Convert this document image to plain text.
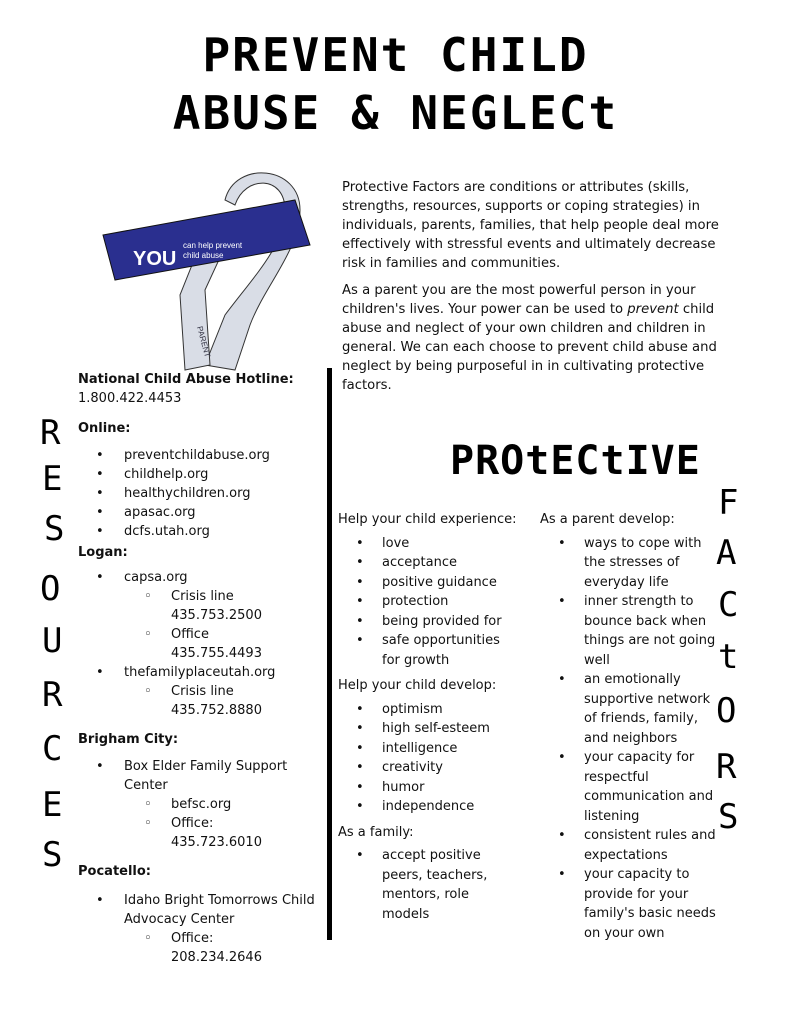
PREVENt CHILD
ABUSE & NEGLECt
YOU
can help prevent
child abuse
PARENT

Protective Factors are conditions or attributes (skills, strengths, resources, supports or coping strategies) in individuals, parents, families, that help people deal more effectively with stressful events and ultimately decrease risk in families and communities.

As a parent you are the most powerful person in your children's lives. Your power can be used to prevent child abuse and neglect of your own children and children in general. We can each choose to prevent child abuse and neglect by being purposeful in in cultivating protective factors.

R
E
S
O
U
R
C
E
S
National Child Abuse Hotline:
1.800.422.4453
Online:
• preventchildabuse.org
• childhelp.org
• healthychildren.org
• apasac.org
• dcfs.utah.org
Logan:
• capsa.org
◦ Crisis line
435.753.2500
◦ Office
435.755.4493
• thefamilyplaceutah.org
◦ Crisis line
435.752.8880
Brigham City:
• Box Elder Family Support Center
◦ befsc.org
◦ Office:
435.723.6010
Pocatello:
• Idaho Bright Tomorrows Child Advocacy Center
◦ Office:
208.234.2646
PROtECtIVE
F
A
C
t
O
R
S
Help your child experience:
• love
• acceptance
• positive guidance
• protection
• being provided for
• safe opportunities for growth
Help your child develop:
• optimism
• high self-esteem
• intelligence
• creativity
• humor
• independence
As a family:
• accept positive peers, teachers, mentors, role models
As a parent develop:
• ways to cope with the stresses of everyday life
• inner strength to bounce back when things are not going well
• an emotionally supportive network of friends, family, and neighbors
• your capacity for respectful communication and listening
• consistent rules and expectations
• your capacity to provide for your family's basic needs on your own
